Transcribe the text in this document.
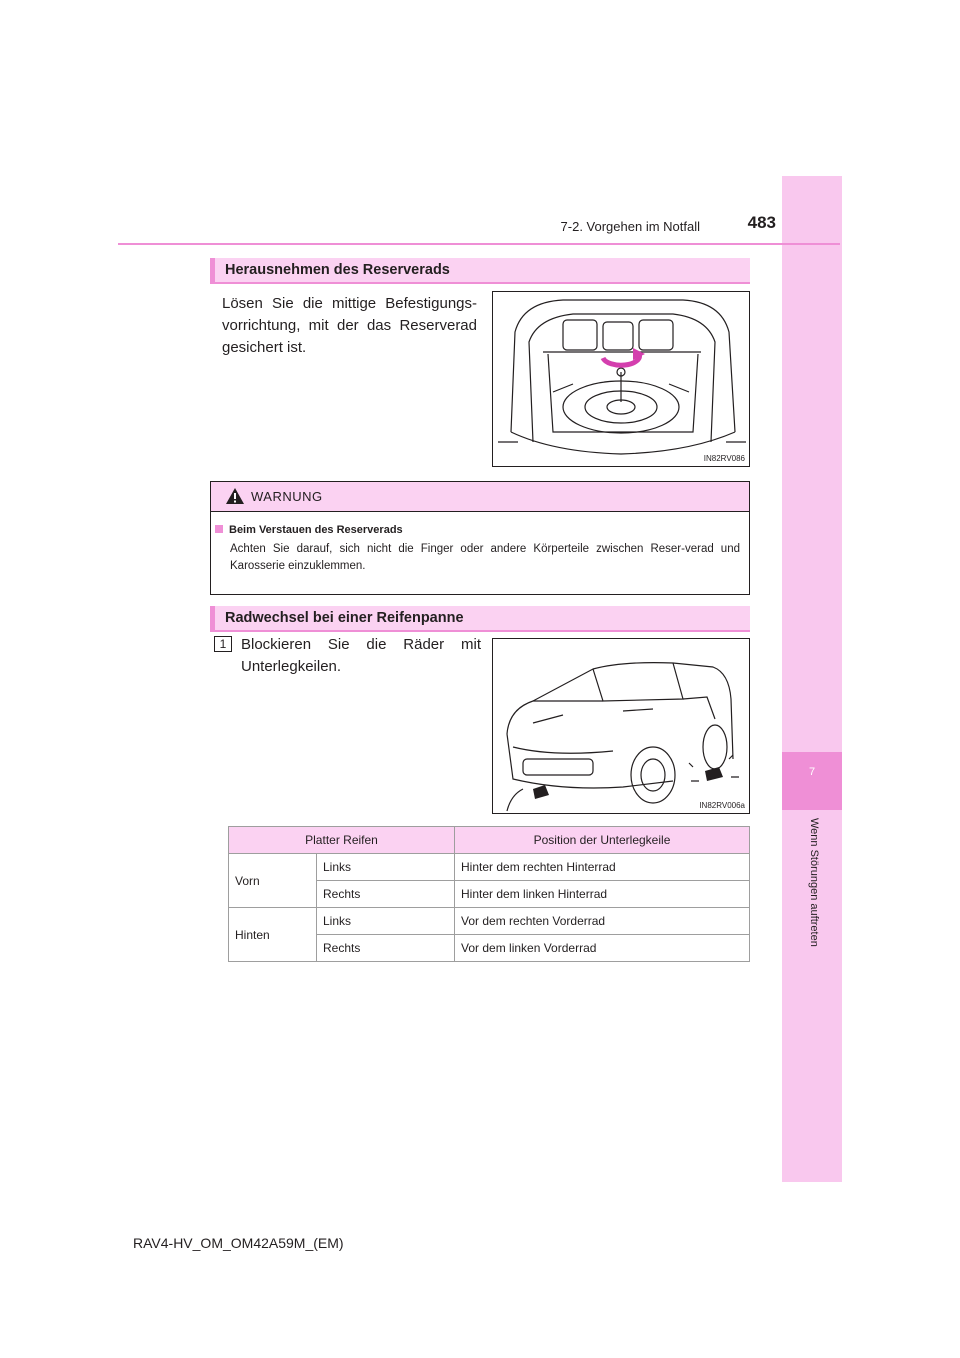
7
Wenn Störungen auftreten
7-2. Vorgehen im Notfall	483
Herausnehmen des Reserverads
Lösen Sie die mittige Befestigungs-vorrichtung, mit der das Reserverad gesichert ist.
IN82RV086
WARNUNG
Beim Verstauen des Reserverads
Achten Sie darauf, sich nicht die Finger oder andere Körperteile zwischen Reser-verad und Karosserie einzuklemmen.
Radwechsel bei einer Reifenpanne
1 Blockieren Sie die Räder mit Unterlegkeilen.
IN82RV006a
Platter Reifen		Position der Unterlegkeile
Vorn	Links	Hinter dem rechten Hinterrad
	Rechts	Hinter dem linken Hinterrad
Hinten	Links	Vor dem rechten Vorderrad
	Rechts	Vor dem linken Vorderrad
RAV4-HV_OM_OM42A59M_(EM)
